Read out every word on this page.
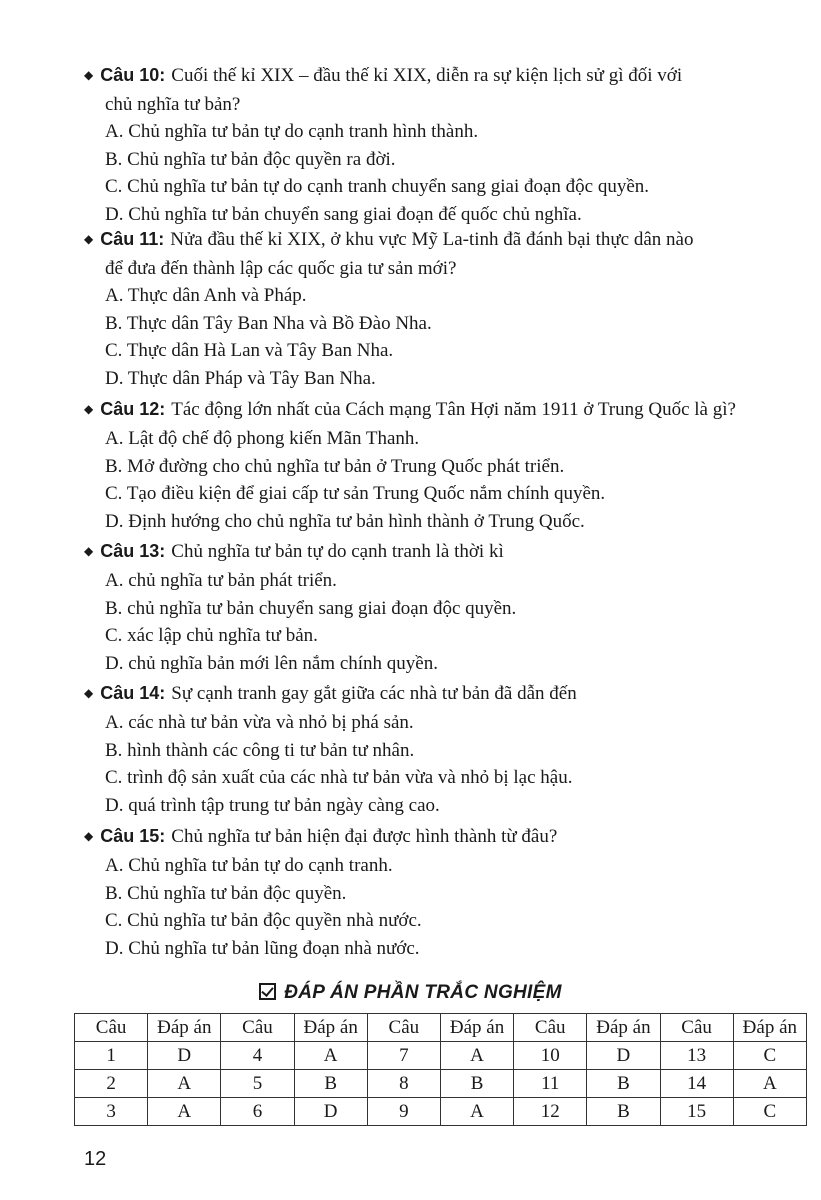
◆ Câu 10: Cuối thế kỉ XIX – đầu thế kỉ XIX, diễn ra sự kiện lịch sử gì đối với
chủ nghĩa tư bản?
A. Chủ nghĩa tư bản tự do cạnh tranh hình thành.
B. Chủ nghĩa tư bản độc quyền ra đời.
C. Chủ nghĩa tư bản tự do cạnh tranh chuyển sang giai đoạn độc quyền.
D. Chủ nghĩa tư bản chuyển sang giai đoạn đế quốc chủ nghĩa.
◆ Câu 11: Nửa đầu thế kỉ XIX, ở khu vực Mỹ La-tinh đã đánh bại thực dân nào
để đưa đến thành lập các quốc gia tư sản mới?
A. Thực dân Anh và Pháp.
B. Thực dân Tây Ban Nha và Bồ Đào Nha.
C. Thực dân Hà Lan và Tây Ban Nha.
D. Thực dân Pháp và Tây Ban Nha.
◆ Câu 12: Tác động lớn nhất của Cách mạng Tân Hợi năm 1911 ở Trung Quốc là gì?
A. Lật độ chế độ phong kiến Mãn Thanh.
B. Mở đường cho chủ nghĩa tư bản ở Trung Quốc phát triển.
C. Tạo điều kiện để giai cấp tư sản Trung Quốc nắm chính quyền.
D. Định hướng cho chủ nghĩa tư bản hình thành ở Trung Quốc.
◆ Câu 13: Chủ nghĩa tư bản tự do cạnh tranh là thời kì
A. chủ nghĩa tư bản phát triển.
B. chủ nghĩa tư bản chuyển sang giai đoạn độc quyền.
C. xác lập chủ nghĩa tư bản.
D. chủ nghĩa bản mới lên nắm chính quyền.
◆ Câu 14: Sự cạnh tranh gay gắt giữa các nhà tư bản đã dẫn đến
A. các nhà tư bản vừa và nhỏ bị phá sản.
B. hình thành các công ti tư bản tư nhân.
C. trình độ sản xuất của các nhà tư bản vừa và nhỏ bị lạc hậu.
D. quá trình tập trung tư bản ngày càng cao.
◆ Câu 15: Chủ nghĩa tư bản hiện đại được hình thành từ đâu?
A. Chủ nghĩa tư bản tự do cạnh tranh.
B. Chủ nghĩa tư bản độc quyền.
C. Chủ nghĩa tư bản độc quyền nhà nước.
D. Chủ nghĩa tư bản lũng đoạn nhà nước.
ĐÁP ÁN PHẦN TRẮC NGHIỆM
Câu	Đáp án	Câu	Đáp án	Câu	Đáp án	Câu	Đáp án	Câu	Đáp án
1	D	4	A	7	A	10	D	13	C
2	A	5	B	8	B	11	B	14	A
3	A	6	D	9	A	12	B	15	C
12
